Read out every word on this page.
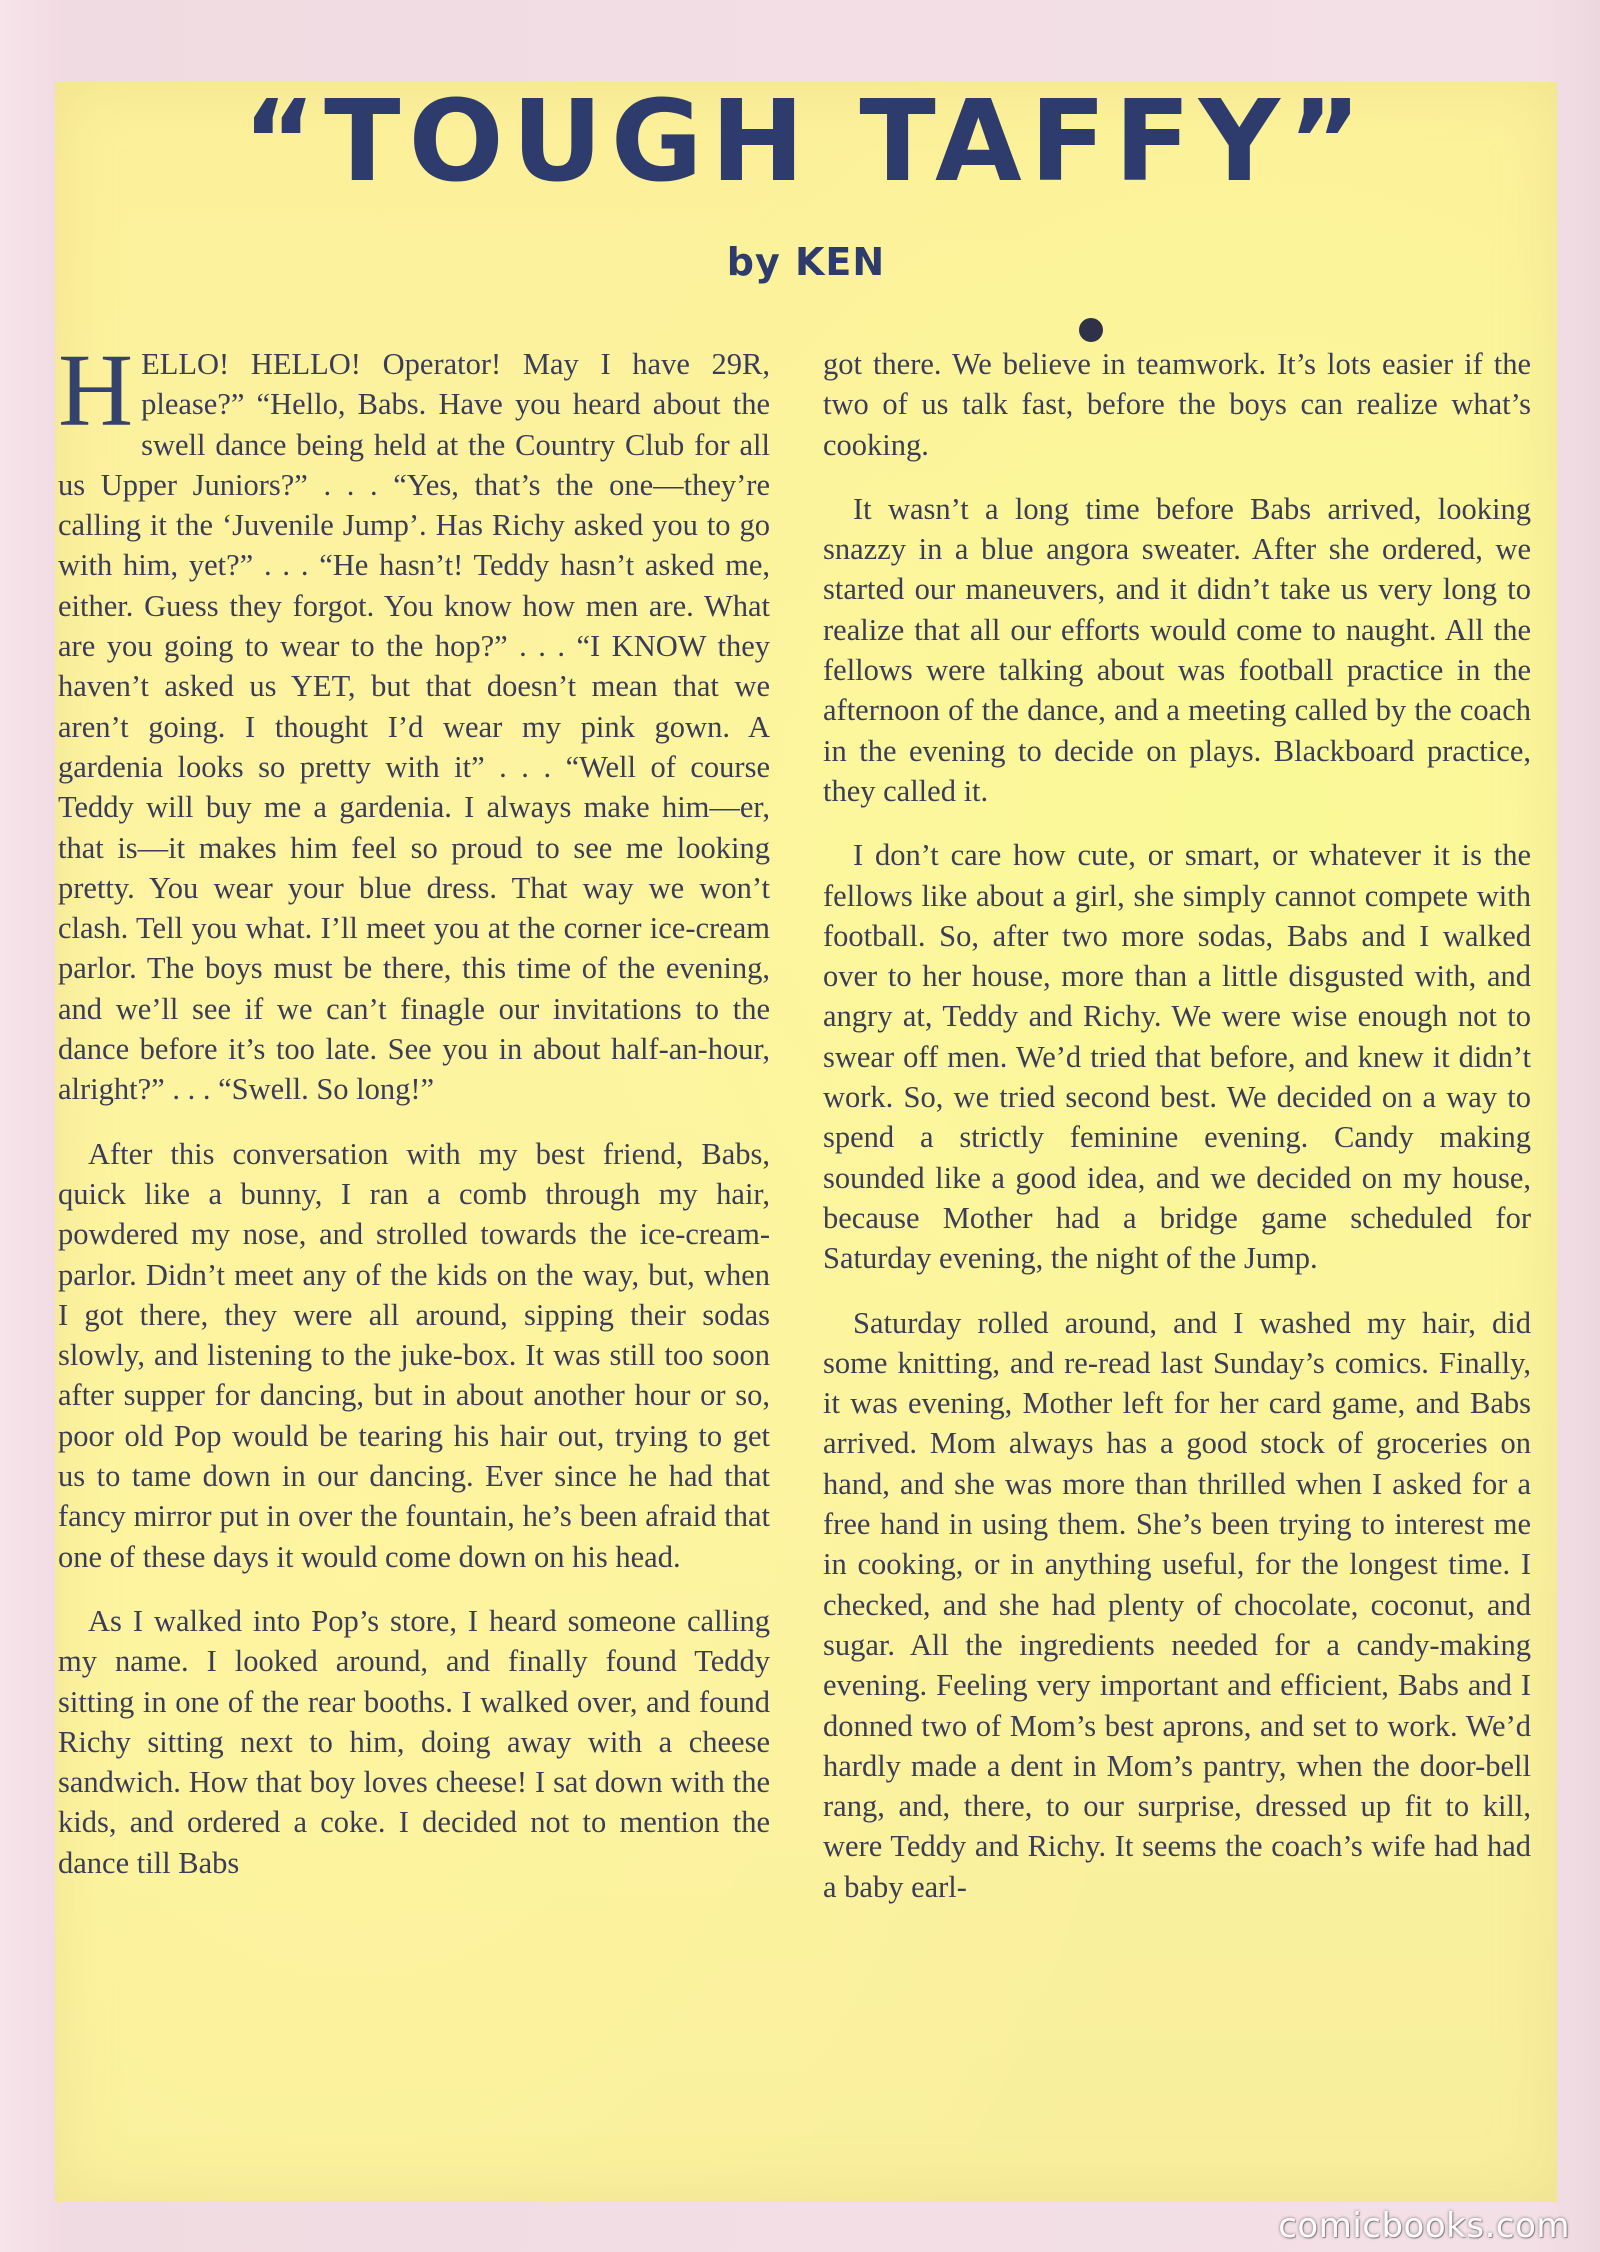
“TOUGH TAFFY”
by KEN

HELLO! HELLO! Operator! May I have 29R, please?” “Hello, Babs. Have you heard about the swell dance being held at the Country Club for all us Upper Juniors?” . . . “Yes, that’s the one—they’re calling it the ‘Juvenile Jump’. Has Richy asked you to go with him, yet?” . . . “He hasn’t! Teddy hasn’t asked me, either. Guess they forgot. You know how men are. What are you going to wear to the hop?” . . . “I KNOW they haven’t asked us YET, but that doesn’t mean that we aren’t going. I thought I’d wear my pink gown. A gardenia looks so pretty with it” . . . “Well of course Teddy will buy me a gardenia. I always make him—er, that is—it makes him feel so proud to see me looking pretty. You wear your blue dress. That way we won’t clash. Tell you what. I’ll meet you at the corner ice-cream parlor. The boys must be there, this time of the evening, and we’ll see if we can’t finagle our invitations to the dance before it’s too late. See you in about half-an-hour, alright?” . . . “Swell. So long!”

After this conversation with my best friend, Babs, quick like a bunny, I ran a comb through my hair, powdered my nose, and strolled towards the ice-cream-parlor. Didn’t meet any of the kids on the way, but, when I got there, they were all around, sipping their sodas slowly, and listening to the juke-box. It was still too soon after supper for dancing, but in about another hour or so, poor old Pop would be tearing his hair out, trying to get us to tame down in our dancing. Ever since he had that fancy mirror put in over the fountain, he’s been afraid that one of these days it would come down on his head.

As I walked into Pop’s store, I heard someone calling my name. I looked around, and finally found Teddy sitting in one of the rear booths. I walked over, and found Richy sitting next to him, doing away with a cheese sandwich. How that boy loves cheese! I sat down with the kids, and ordered a coke. I decided not to mention the dance till Babs

got there. We believe in teamwork. It’s lots easier if the two of us talk fast, before the boys can realize what’s cooking.

It wasn’t a long time before Babs arrived, looking snazzy in a blue angora sweater. After she ordered, we started our maneuvers, and it didn’t take us very long to realize that all our efforts would come to naught. All the fellows were talking about was football practice in the afternoon of the dance, and a meeting called by the coach in the evening to decide on plays. Blackboard practice, they called it.

I don’t care how cute, or smart, or whatever it is the fellows like about a girl, she simply cannot compete with football. So, after two more sodas, Babs and I walked over to her house, more than a little disgusted with, and angry at, Teddy and Richy. We were wise enough not to swear off men. We’d tried that before, and knew it didn’t work. So, we tried second best. We decided on a way to spend a strictly feminine evening. Candy making sounded like a good idea, and we decided on my house, because Mother had a bridge game scheduled for Saturday evening, the night of the Jump.

Saturday rolled around, and I washed my hair, did some knitting, and re-read last Sunday’s comics. Finally, it was evening, Mother left for her card game, and Babs arrived. Mom always has a good stock of groceries on hand, and she was more than thrilled when I asked for a free hand in using them. She’s been trying to interest me in cooking, or in anything useful, for the longest time. I checked, and she had plenty of chocolate, coconut, and sugar. All the ingredients needed for a candy-making evening. Feeling very important and efficient, Babs and I donned two of Mom’s best aprons, and set to work. We’d hardly made a dent in Mom’s pantry, when the door-bell rang, and, there, to our surprise, dressed up fit to kill, were Teddy and Richy. It seems the coach’s wife had had a baby earl-

comicbooks.com
